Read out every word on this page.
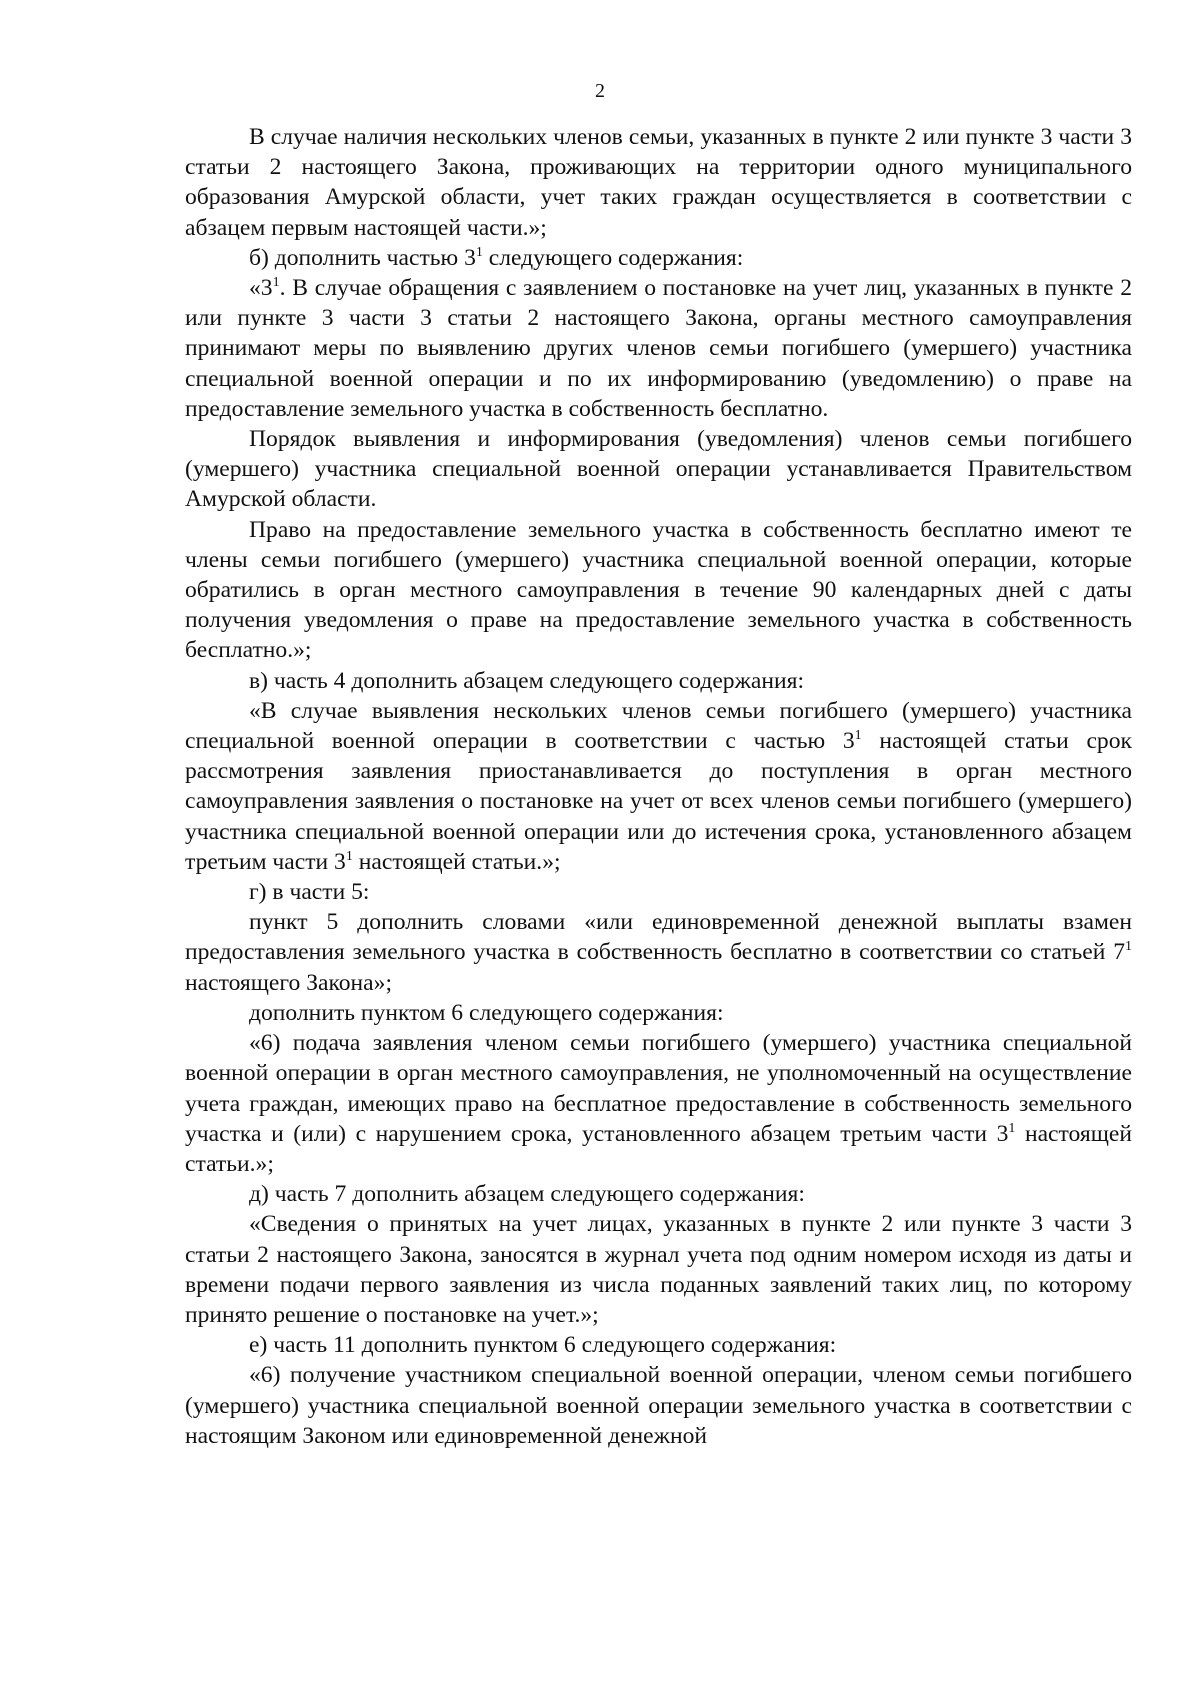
2

В случае наличия нескольких членов семьи, указанных в пункте 2 или пункте 3 части 3 статьи 2 настоящего Закона, проживающих на территории одного муниципального образования Амурской области, учет таких граждан осуществляется в соответствии с абзацем первым настоящей части.»;

б) дополнить частью $3^1$ следующего содержания:

«$3^1$. В случае обращения с заявлением о постановке на учет лиц, указанных в пункте 2 или пункте 3 части 3 статьи 2 настоящего Закона, органы местного самоуправления принимают меры по выявлению других членов семьи погибшего (умершего) участника специальной военной операции и по их информированию (уведомлению) о праве на предоставление земельного участка в собственность бесплатно.

Порядок выявления и информирования (уведомления) членов семьи погибшего (умершего) участника специальной военной операции устанавливается Правительством Амурской области.

Право на предоставление земельного участка в собственность бесплатно имеют те члены семьи погибшего (умершего) участника специальной военной операции, которые обратились в орган местного самоуправления в течение 90 календарных дней с даты получения уведомления о праве на предоставление земельного участка в собственность бесплатно.»;

в) часть 4 дополнить абзацем следующего содержания:

«В случае выявления нескольких членов семьи погибшего (умершего) участника специальной военной операции в соответствии с частью $3^1$ настоящей статьи срок рассмотрения заявления приостанавливается до поступления в орган местного самоуправления заявления о постановке на учет от всех членов семьи погибшего (умершего) участника специальной военной операции или до истечения срока, установленного абзацем третьим части $3^1$ настоящей статьи.»;

г) в части 5:

пункт 5 дополнить словами «или единовременной денежной выплаты взамен предоставления земельного участка в собственность бесплатно в соответствии со статьей $7^1$ настоящего Закона»;

дополнить пунктом 6 следующего содержания:

«6) подача заявления членом семьи погибшего (умершего) участника специальной военной операции в орган местного самоуправления, не уполномоченный на осуществление учета граждан, имеющих право на бесплатное предоставление в собственность земельного участка и (или) с нарушением срока, установленного абзацем третьим части $3^1$ настоящей статьи.»;

д) часть 7 дополнить абзацем следующего содержания:

«Сведения о принятых на учет лицах, указанных в пункте 2 или пункте 3 части 3 статьи 2 настоящего Закона, заносятся в журнал учета под одним номером исходя из даты и времени подачи первого заявления из числа поданных заявлений таких лиц, по которому принято решение о постановке на учет.»;

е) часть 11 дополнить пунктом 6 следующего содержания:

«6) получение участником специальной военной операции, членом семьи погибшего (умершего) участника специальной военной операции земельного участка в соответствии с настоящим Законом или единовременной денежной
